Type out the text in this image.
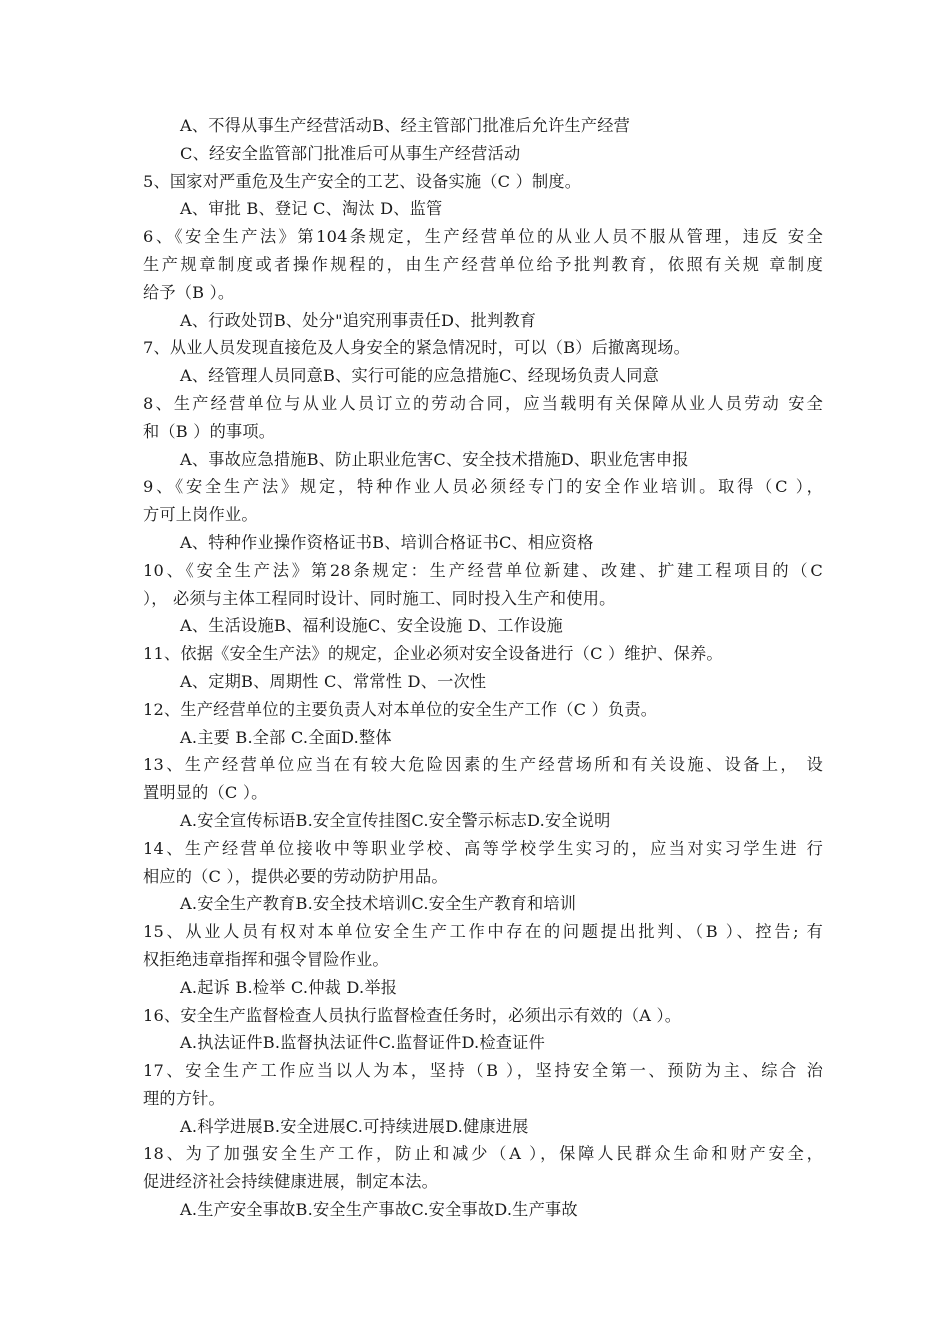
A、不得从事生产经营活动B、经主管部门批准后允许生产经营
C、经安全监管部门批准后可从事生产经营活动
5、国家对严重危及生产安全的工艺、设备实施（C ）制度。
A、审批 B、登记 C、淘汰 D、监管
6、《安全生产法》第104条规定，生产经营单位的从业人员不服从管理，违反 安全
生产规章制度或者操作规程的，由生产经营单位给予批判教育，依照有关规 章制度
给予（B ）。
A、行政处罚B、处分"追究刑事责任D、批判教育
7、从业人员发现直接危及人身安全的紧急情况时，可以（B）后撤离现场。
A、经管理人员同意B、实行可能的应急措施C、经现场负责人同意
8、生产经营单位与从业人员订立的劳动合同，应当载明有关保障从业人员劳动 安全
和（B ）的事项。
A、事故应急措施B、防止职业危害C、安全技术措施D、职业危害申报
9、《安全生产法》规定，特种作业人员必须经专门的安全作业培训。取得（C ），
方可上岗作业。
A、特种作业操作资格证书B、培训合格证书C、相应资格
10、《安全生产法》第28条规定：生产经营单位新建、改建、扩建工程项目的（C
）， 必须与主体工程同时设计、同时施工、同时投入生产和使用。
A、生活设施B、福利设施C、安全设施 D、工作设施
11、依据《安全生产法》的规定，企业必须对安全设备进行（C ）维护、保养。
A、定期B、周期性 C、常常性 D、一次性
12、生产经营单位的主要负责人对本单位的安全生产工作（C ）负责。
A.主要 B.全部 C.全面D.整体
13、生产经营单位应当在有较大危险因素的生产经营场所和有关设施、设备上， 设
置明显的（C ）。
A.安全宣传标语B.安全宣传挂图C.安全警示标志D.安全说明
14、生产经营单位接收中等职业学校、高等学校学生实习的，应当对实习学生进 行
相应的（C ），提供必要的劳动防护用品。
A.安全生产教育B.安全技术培训C.安全生产教育和培训
15、从业人员有权对本单位安全生产工作中存在的问题提出批判、（B ）、控告; 有
权拒绝违章指挥和强令冒险作业。
A.起诉 B.检举 C.仲裁 D.举报
16、安全生产监督检查人员执行监督检查任务时，必须出示有效的（A ）。
A.执法证件B.监督执法证件C.监督证件D.检查证件
17、安全生产工作应当以人为本，坚持（B ），坚持安全第一、预防为主、综合 治
理的方针。
A.科学进展B.安全进展C.可持续进展D.健康进展
18、为了加强安全生产工作，防止和减少（A ），保障人民群众生命和财产安全，
促进经济社会持续健康进展，制定本法。
A.生产安全事故B.安全生产事故C.安全事故D.生产事故
